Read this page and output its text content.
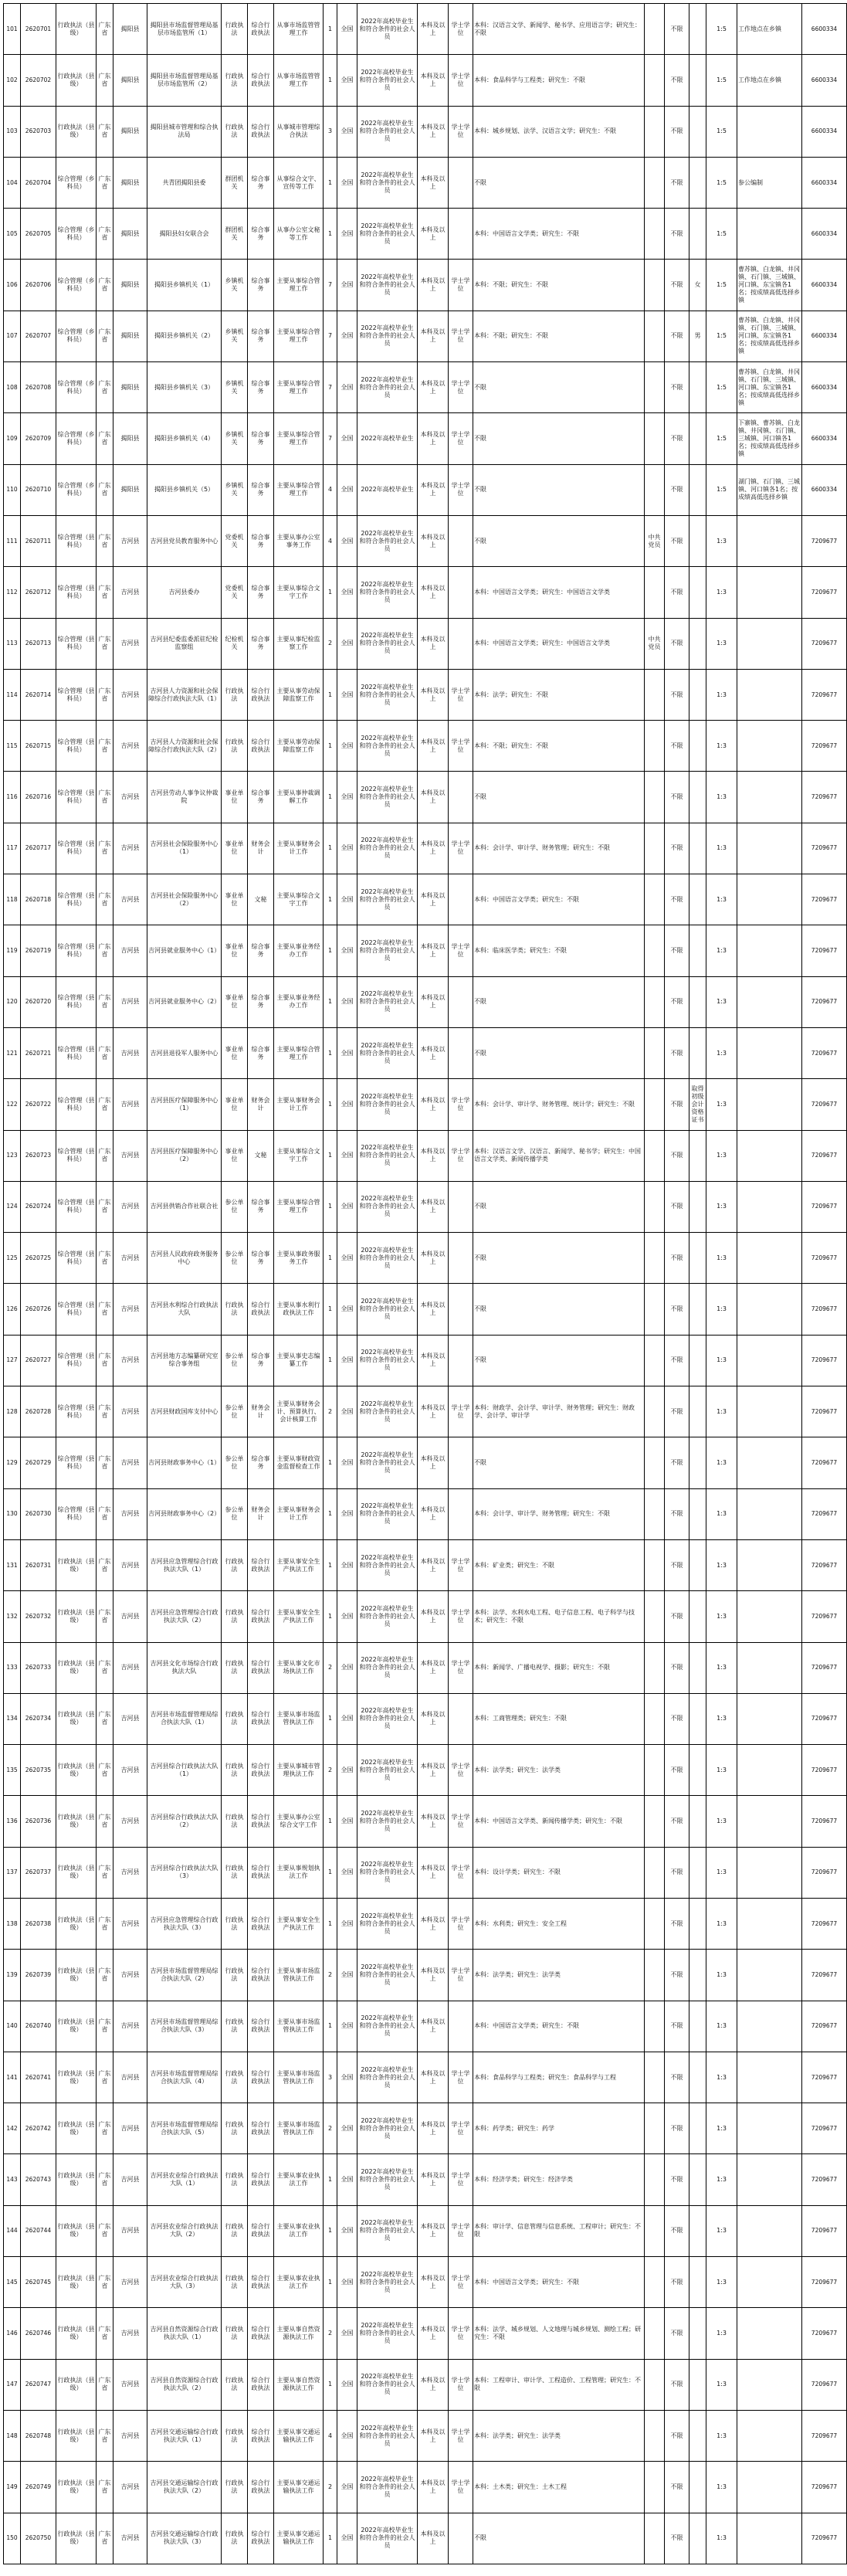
101	2620701	行政执法（县级）	广东省	揭阳县	揭阳县市场监督管理局基层市场监管所（1）	行政执法	综合行政执法	从事市场监管管理工作	1	全国	2022年高校毕业生和符合条件的社会人员	本科及以上	学士学位	本科：汉语言文学、新闻学、秘书学、应用语言学；研究生：不限		不限		1:5	工作地点在乡镇	6600334
102	2620702	行政执法（县级）	广东省	揭阳县	揭阳县市场监督管理局基层市场监管所（2）	行政执法	综合行政执法	从事市场监管管理工作	1	全国	2022年高校毕业生和符合条件的社会人员	本科及以上	学士学位	本科：食品科学与工程类；研究生：不限		不限		1:5	工作地点在乡镇	6600334
103	2620703	行政执法（县级）	广东省	揭阳县	揭阳县城市管理和综合执法局	行政执法	综合行政执法	从事城市管理综合执法	3	全国	2022年高校毕业生和符合条件的社会人员	本科及以上	学士学位	本科：城乡规划、法学、汉语言文学；研究生：不限		不限		1:5		6600334
104	2620704	综合管理（乡科员）	广东省	揭阳县	共青团揭阳县委	群团机关	综合事务	从事综合文字、宣传等工作	1	全国	2022年高校毕业生和符合条件的社会人员	本科及以上		不限		不限		1:5	参公编制	6600334
105	2620705	综合管理（乡科员）	广东省	揭阳县	揭阳县妇女联合会	群团机关	综合事务	从事办公室文秘等工作	1	全国	2022年高校毕业生和符合条件的社会人员	本科及以上		本科：中国语言文学类；研究生：不限		不限		1:5		6600334
106	2620706	综合管理（乡科员）	广东省	揭阳县	揭阳县乡镇机关（1）	乡镇机关	综合事务	主要从事综合管理工作	7	全国	2022年高校毕业生和符合条件的社会人员	本科及以上	学士学位	本科：不限；研究生：不限		不限	女	1:5	曹苏镇、白龙镇、井冈镇、石门镇、三城镇、河口镇、东宝镇各1名；按成绩高低选择乡镇	6600334
107	2620707	综合管理（乡科员）	广东省	揭阳县	揭阳县乡镇机关（2）	乡镇机关	综合事务	主要从事综合管理工作	7	全国	2022年高校毕业生和符合条件的社会人员	本科及以上	学士学位	本科：不限；研究生：不限		不限	男	1:5	曹苏镇、白龙镇、井冈镇、石门镇、三城镇、河口镇、东宝镇各1名；按成绩高低选择乡镇	6600334
108	2620708	综合管理（乡科员）	广东省	揭阳县	揭阳县乡镇机关（3）	乡镇机关	综合事务	主要从事综合管理工作	7	全国	2022年高校毕业生和符合条件的社会人员	本科及以上	学士学位	不限		不限		1:5	曹苏镇、白龙镇、井冈镇、石门镇、三城镇、河口镇、东宝镇各1名；按成绩高低选择乡镇	6600334
109	2620709	综合管理（乡科员）	广东省	揭阳县	揭阳县乡镇机关（4）	乡镇机关	综合事务	主要从事综合管理工作	7	全国	2022年高校毕业生	本科及以上	学士学位	不限		不限		1:5	下寨镇、曹苏镇、白龙镇、井冈镇、石门镇、三城镇、河口镇各1名；按成绩高低选择乡镇	6600334
110	2620710	综合管理（乡科员）	广东省	揭阳县	揭阳县乡镇机关（5）	乡镇机关	综合事务	主要从事综合管理工作	4	全国	2022年高校毕业生	本科及以上	学士学位	不限		不限		1:5	湖门镇、石门镇、三城镇、河口镇各1名；按成绩高低选择乡镇	6600334
111	2620711	综合管理（县科员）	广东省	吉河县	吉河县党员教育服务中心	党委机关	综合事务	主要从事办公室事务工作	4	全国	2022年高校毕业生和符合条件的社会人员	本科及以上		不限	中共党员	不限		1:3		7209677
112	2620712	综合管理（县科员）	广东省	吉河县	吉河县委办	党委机关	综合事务	主要从事综合文字工作	1	全国	2022年高校毕业生和符合条件的社会人员	本科及以上		本科：中国语言文学类；研究生：中国语言文学类		不限		1:3		7209677
113	2620713	综合管理（县科员）	广东省	吉河县	吉河县纪委监委派驻纪检监察组	纪检机关	综合事务	主要从事纪检监察工作	2	全国	2022年高校毕业生和符合条件的社会人员	本科及以上		本科：中国语言文学类；研究生：中国语言文学类	中共党员	不限		1:3		7209677
114	2620714	综合管理（县科员）	广东省	吉河县	吉河县人力资源和社会保障综合行政执法大队（1）	行政执法	综合行政执法	主要从事劳动保障监察工作	1	全国	2022年高校毕业生和符合条件的社会人员	本科及以上	学士学位	本科：法学；研究生：不限		不限		1:3		7209677
115	2620715	综合管理（县科员）	广东省	吉河县	吉河县人力资源和社会保障综合行政执法大队（2）	行政执法	综合行政执法	主要从事劳动保障监察工作	1	全国	2022年高校毕业生和符合条件的社会人员	本科及以上	学士学位	本科：不限；研究生：不限		不限		1:3		7209677
116	2620716	综合管理（县科员）	广东省	吉河县	吉河县劳动人事争议仲裁院	事业单位	综合事务	主要从事仲裁调解工作	1	全国	2022年高校毕业生和符合条件的社会人员	本科及以上		不限		不限		1:3		7209677
117	2620717	综合管理（县科员）	广东省	吉河县	吉河县社会保险服务中心（1）	事业单位	财务会计	主要从事财务会计工作	1	全国	2022年高校毕业生和符合条件的社会人员	本科及以上	学士学位	本科：会计学、审计学、财务管理；研究生：不限		不限		1:3		7209677
118	2620718	综合管理（县科员）	广东省	吉河县	吉河县社会保险服务中心（2）	事业单位	文秘	主要从事综合文字工作	1	全国	2022年高校毕业生和符合条件的社会人员	本科及以上		本科：中国语言文学类；研究生：不限		不限		1:3		7209677
119	2620719	综合管理（县科员）	广东省	吉河县	吉河县就业服务中心（1）	事业单位	综合事务	主要从事业务经办工作	1	全国	2022年高校毕业生和符合条件的社会人员	本科及以上	学士学位	本科：临床医学类；研究生：不限		不限		1:3		7209677
120	2620720	综合管理（县科员）	广东省	吉河县	吉河县就业服务中心（2）	事业单位	综合事务	主要从事业务经办工作	1	全国	2022年高校毕业生和符合条件的社会人员	本科及以上		不限		不限		1:3		7209677
121	2620721	综合管理（县科员）	广东省	吉河县	吉河县退役军人服务中心	事业单位	综合事务	主要从事综合管理工作	1	全国	2022年高校毕业生和符合条件的社会人员	本科及以上		不限		不限		1:3		7209677
122	2620722	综合管理（县科员）	广东省	吉河县	吉河县医疗保障服务中心（1）	事业单位	财务会计	主要从事财务会计工作	1	全国	2022年高校毕业生和符合条件的社会人员	本科及以上	学士学位	本科：会计学、审计学、财务管理、统计学；研究生：不限		不限	取得初级会计资格证书	1:3		7209677
123	2620723	综合管理（县科员）	广东省	吉河县	吉河县医疗保障服务中心（2）	事业单位	文秘	主要从事综合文字工作	1	全国	2022年高校毕业生和符合条件的社会人员	本科及以上	学士学位	本科：汉语言文学、汉语言、新闻学、秘书学；研究生：中国语言文学类、新闻传播学类		不限		1:3		7209677
124	2620724	综合管理（县科员）	广东省	吉河县	吉河县供销合作社联合社	参公单位	综合事务	主要从事综合管理工作	1	全国	2022年高校毕业生和符合条件的社会人员	本科及以上		不限		不限		1:3		7209677
125	2620725	综合管理（县科员）	广东省	吉河县	吉河县人民政府政务服务中心	参公单位	综合事务	主要从事政务服务工作	1	全国	2022年高校毕业生和符合条件的社会人员	本科及以上		不限		不限		1:3		7209677
126	2620726	综合管理（县科员）	广东省	吉河县	吉河县水利综合行政执法大队	行政执法	综合行政执法	主要从事水利行政执法工作	1	全国	2022年高校毕业生和符合条件的社会人员	本科及以上		不限		不限		1:3		7209677
127	2620727	综合管理（县科员）	广东省	吉河县	吉河县地方志编纂研究室综合事务组	参公单位	综合事务	主要从事史志编纂工作	1	全国	2022年高校毕业生和符合条件的社会人员	本科及以上		不限		不限		1:3		7209677
128	2620728	综合管理（县科员）	广东省	吉河县	吉河县财政国库支付中心	参公单位	财务会计	主要从事财务会计、预算执行、会计核算工作	2	全国	2022年高校毕业生和符合条件的社会人员	本科及以上	学士学位	本科：财政学、会计学、审计学、财务管理；研究生：财政学、会计学、审计学		不限		1:3		7209677
129	2620729	综合管理（县科员）	广东省	吉河县	吉河县财政事务中心（1）	参公单位	综合事务	主要从事财政资金监督检查工作	1	全国	2022年高校毕业生和符合条件的社会人员	本科及以上		不限		不限		1:3		7209677
130	2620730	综合管理（县科员）	广东省	吉河县	吉河县财政事务中心（2）	参公单位	财务会计	主要从事财务会计工作	1	全国	2022年高校毕业生和符合条件的社会人员	本科及以上		本科：会计学、审计学、财务管理；研究生：不限		不限		1:3		7209677
131	2620731	行政执法（县级）	广东省	吉河县	吉河县应急管理综合行政执法大队（1）	行政执法	综合行政执法	主要从事安全生产执法工作	1	全国	2022年高校毕业生和符合条件的社会人员	本科及以上	学士学位	本科：矿业类；研究生：不限		不限		1:3		7209677
132	2620732	行政执法（县级）	广东省	吉河县	吉河县应急管理综合行政执法大队（2）	行政执法	综合行政执法	主要从事安全生产执法工作	1	全国	2022年高校毕业生和符合条件的社会人员	本科及以上	学士学位	本科：法学、水利水电工程、电子信息工程、电子科学与技术；研究生：不限		不限		1:3		7209677
133	2620733	行政执法（县级）	广东省	吉河县	吉河县文化市场综合行政执法大队	行政执法	综合行政执法	主要从事文化市场执法工作	2	全国	2022年高校毕业生和符合条件的社会人员	本科及以上	学士学位	本科：新闻学、广播电视学、摄影；研究生：不限		不限		1:3		7209677
134	2620734	行政执法（县级）	广东省	吉河县	吉河县市场监督管理局综合执法大队（1）	行政执法	综合行政执法	主要从事市场监管执法工作	1	全国	2022年高校毕业生和符合条件的社会人员	本科及以上		本科：工商管理类；研究生：不限		不限		1:3		7209677
135	2620735	行政执法（县级）	广东省	吉河县	吉河县综合行政执法大队（1）	行政执法	综合行政执法	主要从事城市管理执法工作	2	全国	2022年高校毕业生和符合条件的社会人员	本科及以上	学士学位	本科：法学类；研究生：法学类		不限		1:3		7209677
136	2620736	行政执法（县级）	广东省	吉河县	吉河县综合行政执法大队（2）	行政执法	综合行政执法	主要从事办公室综合文字工作	1	全国	2022年高校毕业生和符合条件的社会人员	本科及以上	学士学位	本科：中国语言文学类、新闻传播学类；研究生：不限		不限		1:3		7209677
137	2620737	行政执法（县级）	广东省	吉河县	吉河县综合行政执法大队（3）	行政执法	综合行政执法	主要从事规划执法工作	1	全国	2022年高校毕业生和符合条件的社会人员	本科及以上	学士学位	本科：设计学类；研究生：不限		不限		1:3		7209677
138	2620738	行政执法（县级）	广东省	吉河县	吉河县应急管理综合行政执法大队（3）	行政执法	综合行政执法	主要从事安全生产执法工作	1	全国	2022年高校毕业生和符合条件的社会人员	本科及以上	学士学位	本科：水利类；研究生：安全工程		不限		1:3		7209677
139	2620739	行政执法（县级）	广东省	吉河县	吉河县市场监督管理局综合执法大队（2）	行政执法	综合行政执法	主要从事市场监管执法工作	2	全国	2022年高校毕业生和符合条件的社会人员	本科及以上	学士学位	本科：法学类；研究生：法学类		不限		1:3		7209677
140	2620740	行政执法（县级）	广东省	吉河县	吉河县市场监督管理局综合执法大队（3）	行政执法	综合行政执法	主要从事市场监管执法工作	1	全国	2022年高校毕业生和符合条件的社会人员	本科及以上		本科：中国语言文学类；研究生：不限		不限		1:3		7209677
141	2620741	行政执法（县级）	广东省	吉河县	吉河县市场监督管理局综合执法大队（4）	行政执法	综合行政执法	主要从事市场监管执法工作	3	全国	2022年高校毕业生和符合条件的社会人员	本科及以上	学士学位	本科：食品科学与工程类；研究生：食品科学与工程		不限		1:3		7209677
142	2620742	行政执法（县级）	广东省	吉河县	吉河县市场监督管理局综合执法大队（5）	行政执法	综合行政执法	主要从事市场监管执法工作	2	全国	2022年高校毕业生和符合条件的社会人员	本科及以上	学士学位	本科：药学类；研究生：药学		不限		1:3		7209677
143	2620743	行政执法（县级）	广东省	吉河县	吉河县农业综合行政执法大队（1）	行政执法	综合行政执法	主要从事农业执法工作	1	全国	2022年高校毕业生和符合条件的社会人员	本科及以上	学士学位	本科：经济学类；研究生：经济学类		不限		1:3		7209677
144	2620744	行政执法（县级）	广东省	吉河县	吉河县农业综合行政执法大队（2）	行政执法	综合行政执法	主要从事农业执法工作	1	全国	2022年高校毕业生和符合条件的社会人员	本科及以上	学士学位	本科：审计学、信息管理与信息系统、工程审计；研究生：不限		不限		1:3		7209677
145	2620745	行政执法（县级）	广东省	吉河县	吉河县农业综合行政执法大队（3）	行政执法	综合行政执法	主要从事农业执法工作	1	全国	2022年高校毕业生和符合条件的社会人员	本科及以上	学士学位	本科：中国语言文学类；研究生：不限		不限		1:3		7209677
146	2620746	行政执法（县级）	广东省	吉河县	吉河县自然资源综合行政执法大队（1）	行政执法	综合行政执法	主要从事自然资源执法工作	2	全国	2022年高校毕业生和符合条件的社会人员	本科及以上	学士学位	本科：法学、城乡规划、人文地理与城乡规划、测绘工程；研究生：不限		不限		1:3		7209677
147	2620747	行政执法（县级）	广东省	吉河县	吉河县自然资源综合行政执法大队（2）	行政执法	综合行政执法	主要从事自然资源执法工作	1	全国	2022年高校毕业生和符合条件的社会人员	本科及以上	学士学位	本科：工程审计、审计学、工程造价、工程管理；研究生：不限		不限		1:3		7209677
148	2620748	行政执法（县级）	广东省	吉河县	吉河县交通运输综合行政执法大队（1）	行政执法	综合行政执法	主要从事交通运输执法工作	4	全国	2022年高校毕业生和符合条件的社会人员	本科及以上	学士学位	本科：法学类；研究生：法学类		不限		1:3		7209677
149	2620749	行政执法（县级）	广东省	吉河县	吉河县交通运输综合行政执法大队（2）	行政执法	综合行政执法	主要从事交通运输执法工作	2	全国	2022年高校毕业生和符合条件的社会人员	本科及以上	学士学位	本科：土木类；研究生：土木工程		不限		1:3		7209677
150	2620750	行政执法（县级）	广东省	吉河县	吉河县交通运输综合行政执法大队（3）	行政执法	综合行政执法	主要从事交通运输执法工作	1	全国	2022年高校毕业生和符合条件的社会人员	本科及以上		不限		不限		1:3		7209677
